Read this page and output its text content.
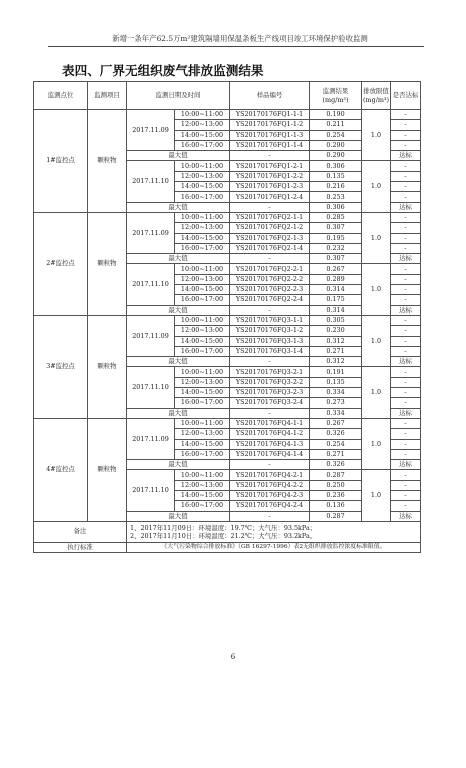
新增一条年产62.5万m²建筑隔墙用保温条板生产线项目竣工环境保护验收监测
表四、厂界无组织废气排放监测结果
监测点位	监测项目	监测日期及时间		样品编号	监测结果 (mg/m³)	排放限值 (mg/m³)	是否达标
1#监控点	颗粒物	2017.11.09	10:00~11:00	YS20170176FQ1-1-1	0.190	1.0	-
			12:00~13:00	YS20170176FQ1-1-2	0.211		-
			14:00~15:00	YS20170176FQ1-1-3	0.254		-
			16:00~17:00	YS20170176FQ1-1-4	0.290		-
		最大值		-	0.290		达标
		2017.11.10	10:00~11:00	YS20170176FQ1-2-1	0.306	1.0	-
			12:00~13:00	YS20170176FQ1-2-2	0.135		-
			14:00~15:00	YS20170176FQ1-2-3	0.216		-
			16:00~17:00	YS20170176FQ1-2-4	0.253		-
		最大值		-	0.306		达标
2#监控点	颗粒物	2017.11.09	10:00~11:00	YS20170176FQ2-1-1	0.285	1.0	-
			12:00~13:00	YS20170176FQ2-1-2	0.307		-
			14:00~15:00	YS20170176FQ2-1-3	0.195		-
			16:00~17:00	YS20170176FQ2-1-4	0.232		-
		最大值		-	0.307		达标
		2017.11.10	10:00~11:00	YS20170176FQ2-2-1	0.267	1.0	-
			12:00~13:00	YS20170176FQ2-2-2	0.289		-
			14:00~15:00	YS20170176FQ2-2-3	0.314		-
			16:00~17:00	YS20170176FQ2-2-4	0.175		-
		最大值		-	0.314		达标
3#监控点	颗粒物	2017.11.09	10:00~11:00	YS20170176FQ3-1-1	0.305	1.0	-
			12:00~13:00	YS20170176FQ3-1-2	0.230		-
			14:00~15:00	YS20170176FQ3-1-3	0.312		-
			16:00~17:00	YS20170176FQ3-1-4	0.271		-
		最大值		-	0.312		达标
		2017.11.10	10:00~11:00	YS20170176FQ3-2-1	0.191	1.0	-
			12:00~13:00	YS20170176FQ3-2-2	0.135		-
			14:00~15:00	YS20170176FQ3-2-3	0.334		-
			16:00~17:00	YS20170176FQ3-2-4	0.273		-
		最大值		-	0.334		达标
4#监控点	颗粒物	2017.11.09	10:00~11:00	YS20170176FQ4-1-1	0.267	1.0	-
			12:00~13:00	YS20170176FQ4-1-2	0.326		-
			14:00~15:00	YS20170176FQ4-1-3	0.254		-
			16:00~17:00	YS20170176FQ4-1-4	0.271		-
		最大值		-	0.326		达标
		2017.11.10	10:00~11:00	YS20170176FQ4-2-1	0.287	1.0	-
			12:00~13:00	YS20170176FQ4-2-2	0.250		-
			14:00~15:00	YS20170176FQ4-2-3	0.236		-
			16:00~17:00	YS20170176FQ4-2-4	0.136		-
		最大值		-	0.287		达标
备注		1、2017年11月09日：环境温度：19.7℃；大气压：93.5kPa；
2、2017年11月10日：环境温度：21.2℃；大气压：93.2kPa。					

执行标准		《大气污染物综合排放标准》（GB 16297-1996）表2无组织排放监控浓度标准限值。					
6
